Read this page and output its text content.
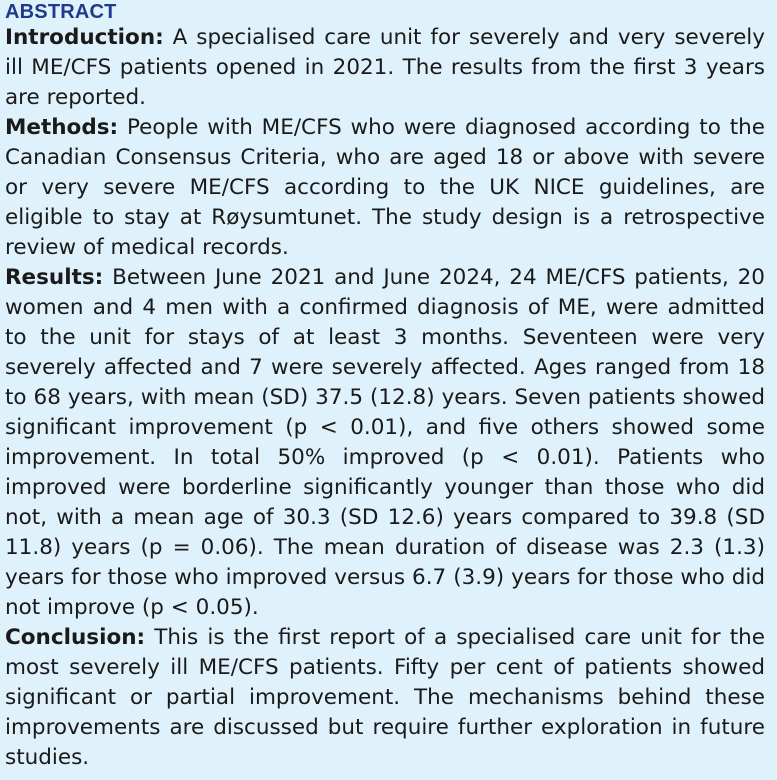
ABSTRACT

Introduction: A specialised care unit for severely and very severely ill ME/CFS patients opened in 2021. The results from the first 3 years are reported.

Methods: People with ME/CFS who were diagnosed according to the Canadian Consensus Criteria, who are aged 18 or above with severe or very severe ME/CFS according to the UK NICE guidelines, are eligible to stay at Røysumtunet. The study design is a retrospective review of medical records.

Results: Between June 2021 and June 2024, 24 ME/CFS patients, 20 women and 4 men with a confirmed diagnosis of ME, were admitted to the unit for stays of at least 3 months. Seventeen were very severely affected and 7 were severely affected. Ages ranged from 18 to 68 years, with mean (SD) 37.5 (12.8) years. Seven patients showed significant improvement (p < 0.01), and five others showed some improvement. In total 50% improved (p < 0.01). Patients who improved were borderline significantly younger than those who did not, with a mean age of 30.3 (SD 12.6) years compared to 39.8 (SD 11.8) years (p = 0.06). The mean duration of disease was 2.3 (1.3) years for those who improved versus 6.7 (3.9) years for those who did not improve (p < 0.05).

Conclusion: This is the first report of a specialised care unit for the most severely ill ME/CFS patients. Fifty per cent of patients showed significant or partial improvement. The mechanisms behind these improvements are discussed but require further exploration in future studies.
